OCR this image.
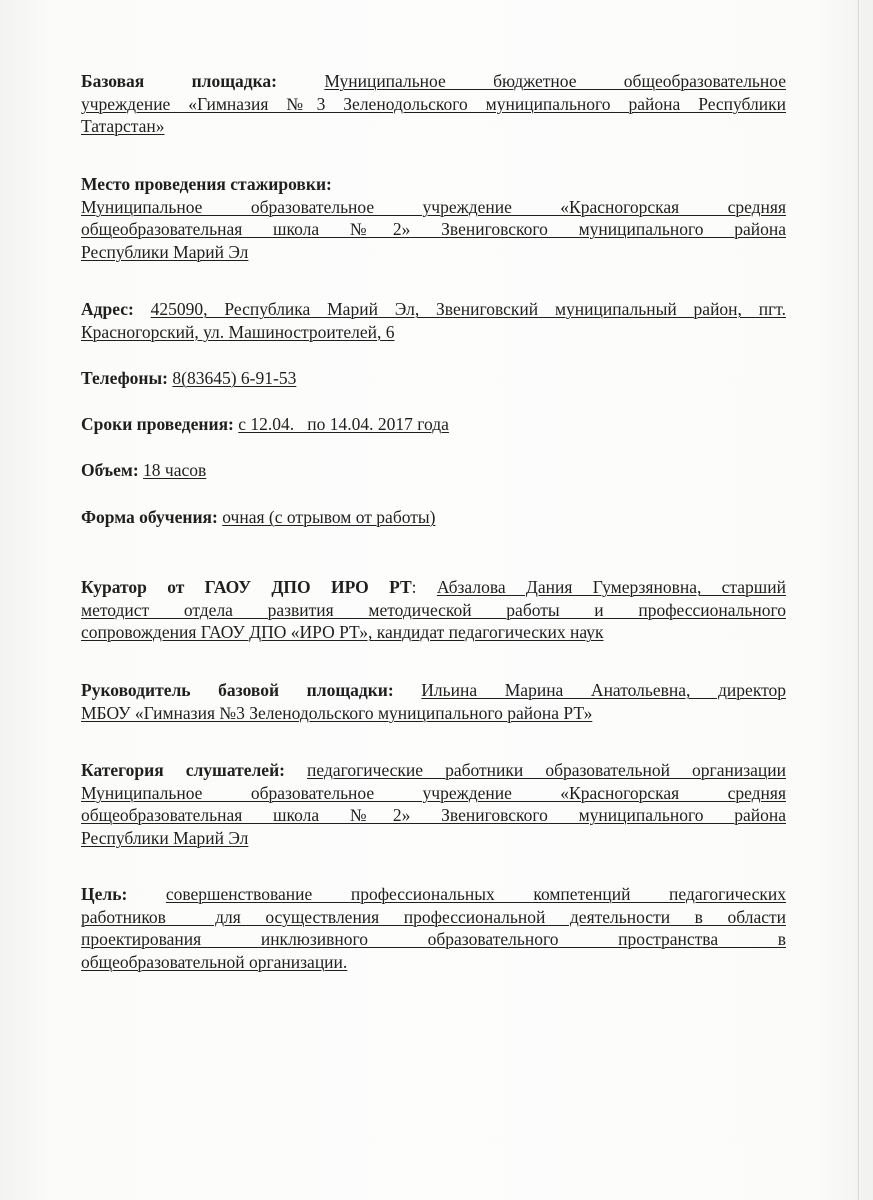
Базовая площадка:	Муниципальное бюджетное общеобразовательное
учреждение «Гимназия №3 Зеленодольского муниципального района Республики
Татарстан»
Место проведения стажировки:
Муниципальное образовательное учреждение «Красногорская средняя
общеобразовательная школа №2» Звениговского муниципального района
Республики Марий Эл
Адрес: 425090, Республика Марий Эл, Звениговский муниципальный район, пгт.
Красногорский, ул. Машиностроителей, 6
Телефоны: 8(83645) 6-91-53
Сроки проведения: с 12.04.   по 14.04. 2017 года
Объем: 18 часов
Форма обучения: очная (с отрывом от работы)
Куратор от ГАОУ ДПО ИРО РТ: Абзалова Дания Гумерзяновна, старший
методист отдела развития методической работы и профессионального
сопровождения ГАОУ ДПО «ИРО РТ», кандидат педагогических наук
Руководитель базовой площадки: Ильина Марина Анатольевна, директор
МБОУ «Гимназия №3 Зеленодольского муниципального района РТ»
Категория слушателей: педагогические работники образовательной организации
Муниципальное образовательное учреждение «Красногорская средняя
общеобразовательная школа №2» Звениговского муниципального района
Республики Марий Эл
Цель: совершенствование профессиональных компетенций педагогических
работников  для осуществления профессиональной деятельности в области
проектирования инклюзивного образовательного пространства в
общеобразовательной организации.
